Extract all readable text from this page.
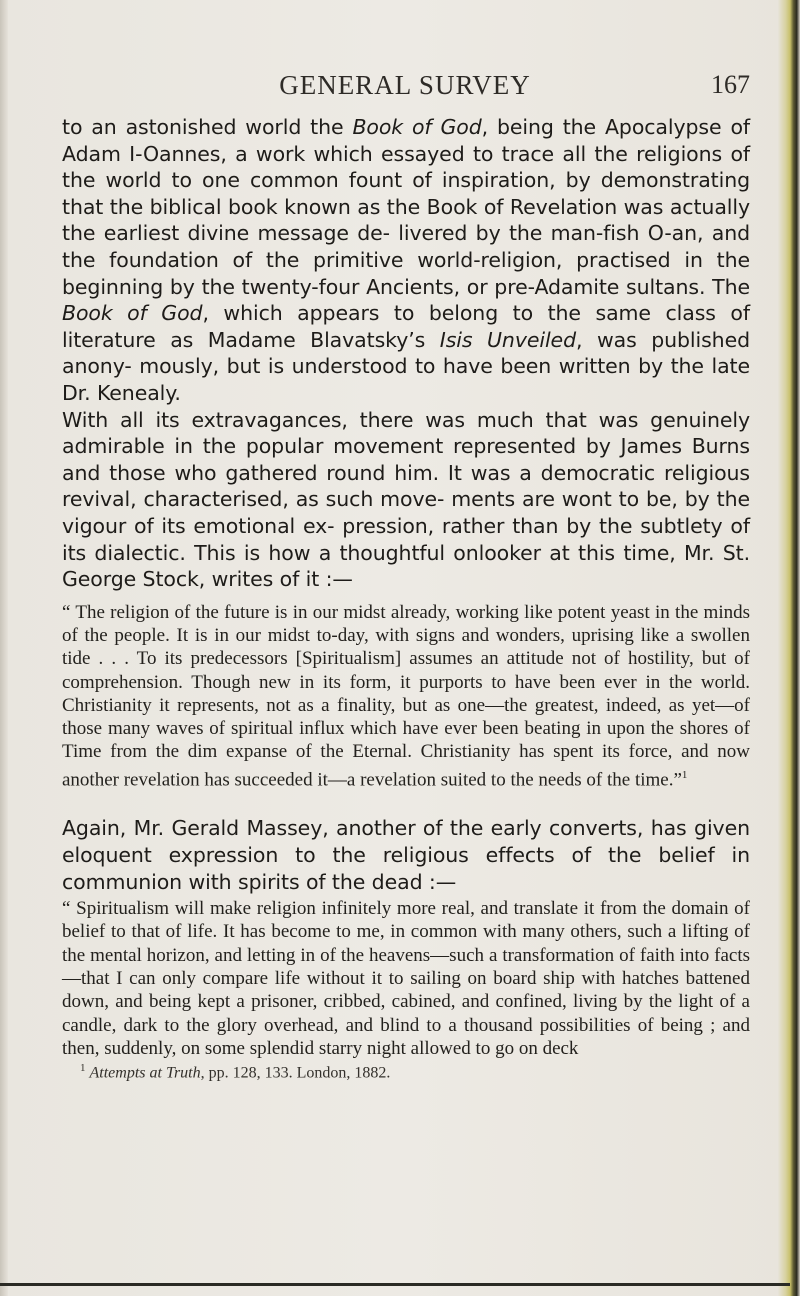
GENERAL SURVEY	167

to an astonished world the Book of God, being the Apocalypse of Adam I-Oannes, a work which essayed to trace all the religions of the world to one common fount of inspiration, by demonstrating that the biblical book known as the Book of Revelation was actually the earliest divine message de- livered by the man-fish O-an, and the foundation of the primitive world-religion, practised in the beginning by the twenty-four Ancients, or pre-Adamite sultans. The Book of God, which appears to belong to the same class of literature as Madame Blavatsky’s Isis Unveiled, was published anony- mously, but is understood to have been written by the late Dr. Kenealy.

With all its extravagances, there was much that was genuinely admirable in the popular movement represented by James Burns and those who gathered round him. It was a democratic religious revival, characterised, as such move- ments are wont to be, by the vigour of its emotional ex- pression, rather than by the subtlety of its dialectic. This is how a thoughtful onlooker at this time, Mr. St. George Stock, writes of it :—

“ The religion of the future is in our midst already, working like potent yeast in the minds of the people. It is in our midst to-day, with signs and wonders, uprising like a swollen tide . . . To its predecessors [Spiritualism] assumes an attitude not of hostility, but of comprehension. Though new in its form, it purports to have been ever in the world. Christianity it represents, not as a finality, but as one—the greatest, indeed, as yet—of those many waves of spiritual influx which have ever been beating in upon the shores of Time from the dim expanse of the Eternal. Christianity has spent its force, and now another revelation has succeeded it—a revelation suited to the needs of the time.”$^1$

Again, Mr. Gerald Massey, another of the early converts, has given eloquent expression to the religious effects of the belief in communion with spirits of the dead :—

“ Spiritualism will make religion infinitely more real, and translate it from the domain of belief to that of life. It has become to me, in common with many others, such a lifting of the mental horizon, and letting in of the heavens—such a transformation of faith into facts—that I can only compare life without it to sailing on board ship with hatches battened down, and being kept a prisoner, cribbed, cabined, and confined, living by the light of a candle, dark to the glory overhead, and blind to a thousand possibilities of being ; and then, suddenly, on some splendid starry night allowed to go on deck

$^1$ Attempts at Truth, pp. 128, 133. London, 1882.
